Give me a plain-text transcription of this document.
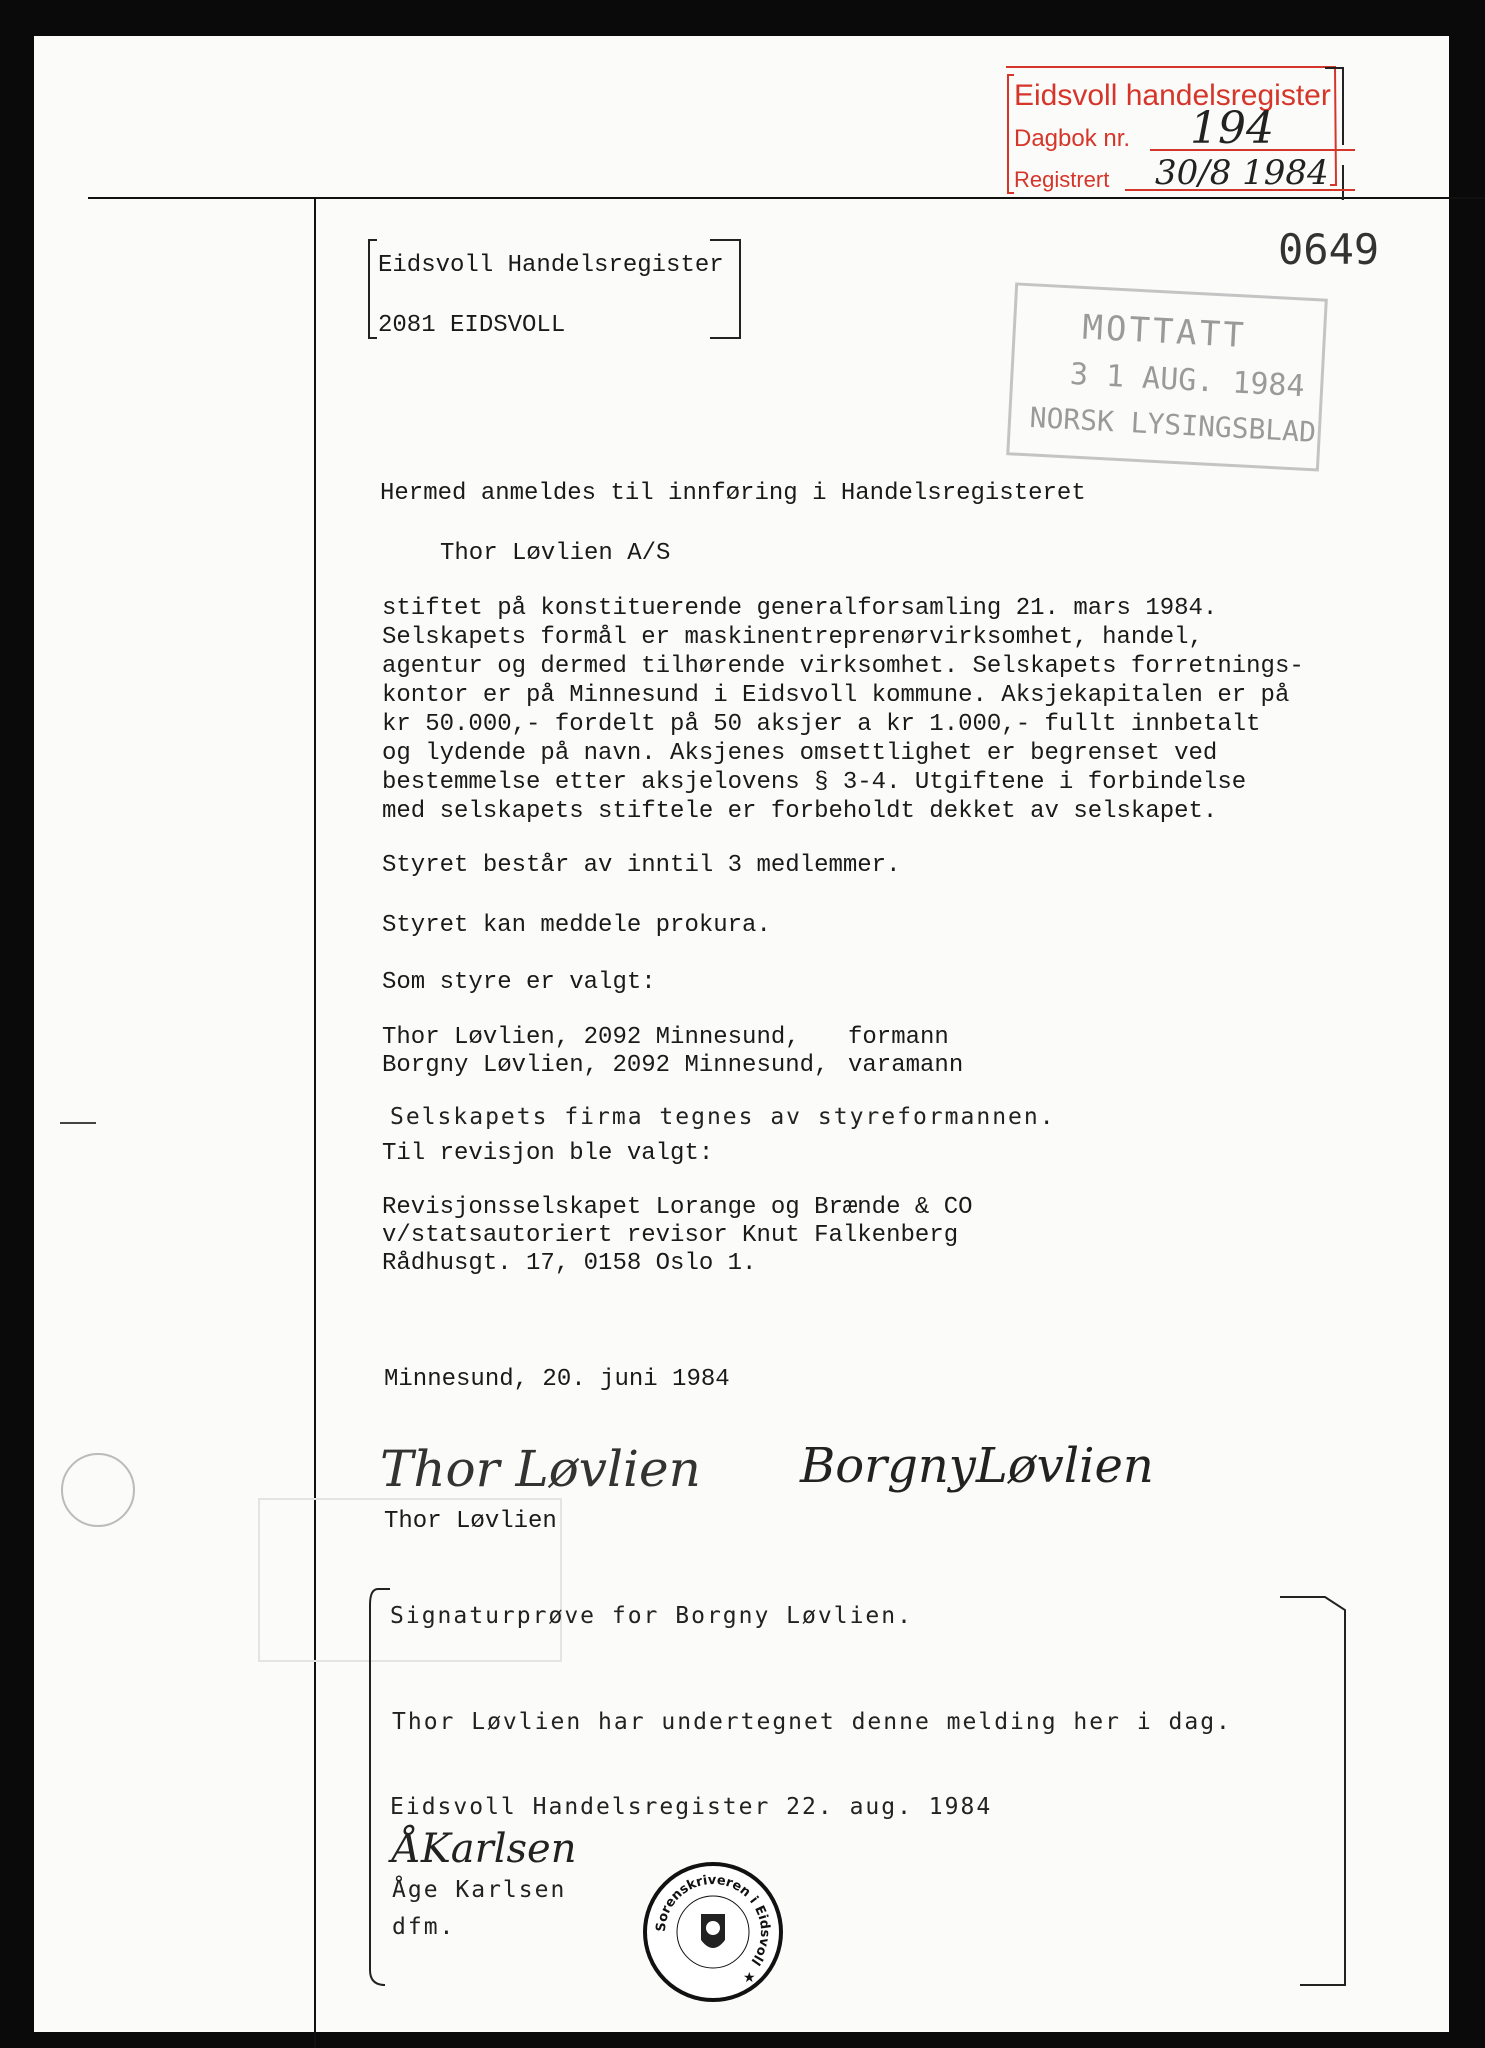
Eidsvoll handelsregister
Dagbok nr. 194
Registrert 30/8 1984
0649
Eidsvoll Handelsregister
2081 EIDSVOLL	MOTTATT
3 1 AUG. 1984
NORSK LYSINGSBLAD
Hermed anmeldes til innføring i Handelsregisteret
Thor Løvlien A/S
stiftet på konstituerende generalforsamling 21. mars 1984.
Selskapets formål er maskinentreprenørvirksomhet, handel,
agentur og dermed tilhørende virksomhet. Selskapets forretnings-
kontor er på Minnesund i Eidsvoll kommune. Aksjekapitalen er på
kr 50.000,- fordelt på 50 aksjer a kr 1.000,- fullt innbetalt
og lydende på navn. Aksjenes omsettlighet er begrenset ved
bestemmelse etter aksjelovens § 3-4. Utgiftene i forbindelse
med selskapets stiftele er forbeholdt dekket av selskapet.
Styret består av inntil 3 medlemmer.
Styret kan meddele prokura.
Som styre er valgt:
Thor Løvlien, 2092 Minnesund, formann
Borgny Løvlien, 2092 Minnesund, varamann
Selskapets firma tegnes av styreformannen.
Til revisjon ble valgt:
Revisjonsselskapet Lorange og Brænde & CO
v/statsautoriert revisor Knut Falkenberg
Rådhusgt. 17, 0158 Oslo 1.
Minnesund, 20. juni 1984
Thor Løvlien BorgnyLøvlien
Thor Løvlien
Signaturprøve for Borgny Løvlien.
Thor Løvlien har undertegnet denne melding her i dag.
Eidsvoll Handelsregister 22. aug. 1984
ÅKarlsen
Åge Karlsen
dfm.	Sorenskriveren i Eidsvoll
★
